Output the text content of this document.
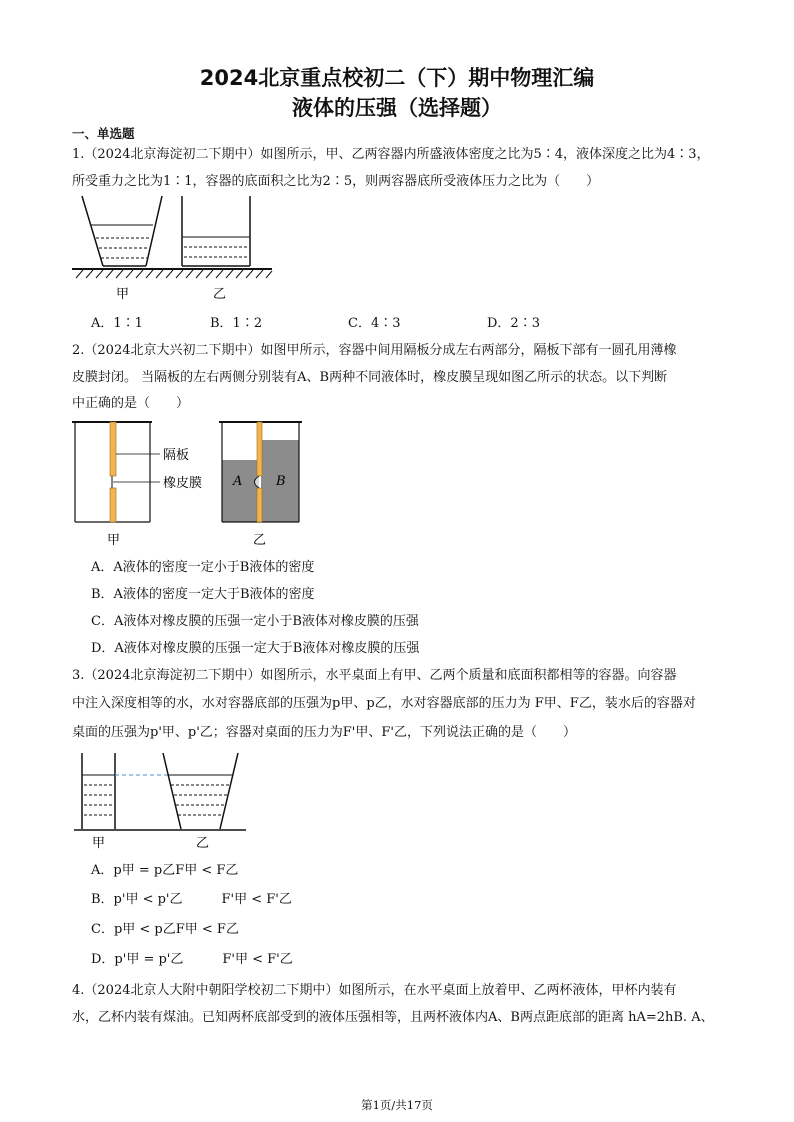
2024北京重点校初二（下）期中物理汇编
液体的压强（选择题）
一、单选题
1.（2024北京海淀初二下期中）如图所示，甲、乙两容器内所盛液体密度之比为5∶4，液体深度之比为4∶3，
所受重力之比为1∶1，容器的底面积之比为2∶5，则两容器底所受液体压力之比为（　　）
甲	乙
A．1∶1	B．1∶2	C．4∶3	D．2∶3
2.（2024北京大兴初二下期中）如图甲所示，容器中间用隔板分成左右两部分，隔板下部有一圆孔用薄橡
皮膜封闭。 当隔板的左右两侧分别装有A、B两种不同液体时，橡皮膜呈现如图乙所示的状态。以下判断
中正确的是（　　）
隔板
橡皮膜 A	B
甲	乙
A．A液体的密度一定小于B液体的密度
B．A液体的密度一定大于B液体的密度
C．A液体对橡皮膜的压强一定小于B液体对橡皮膜的压强
D．A液体对橡皮膜的压强一定大于B液体对橡皮膜的压强
3.（2024北京海淀初二下期中）如图所示，水平桌面上有甲、乙两个质量和底面积都相等的容器。向容器
中注入深度相等的水，水对容器底部的压强为p甲、p乙，水对容器底部的压力为 F甲、F乙，装水后的容器对
桌面的压强为p'甲、p'乙；容器对桌面的压力为F'甲、F'乙，下列说法正确的是（　　）
甲	乙
A．p甲 = p乙F甲 < F乙
B．p'甲 < p'乙　　　F'甲 < F'乙
C．p甲 < p乙F甲 < F乙
D．p'甲 = p'乙　　　F'甲 < F'乙
4.（2024北京人大附中朝阳学校初二下期中）如图所示，在水平桌面上放着甲、乙两杯液体，甲杯内装有
水，乙杯内装有煤油。已知两杯底部受到的液体压强相等，且两杯液体内A、B两点距底部的距离 hA=2hB. A、
第1页/共17页
